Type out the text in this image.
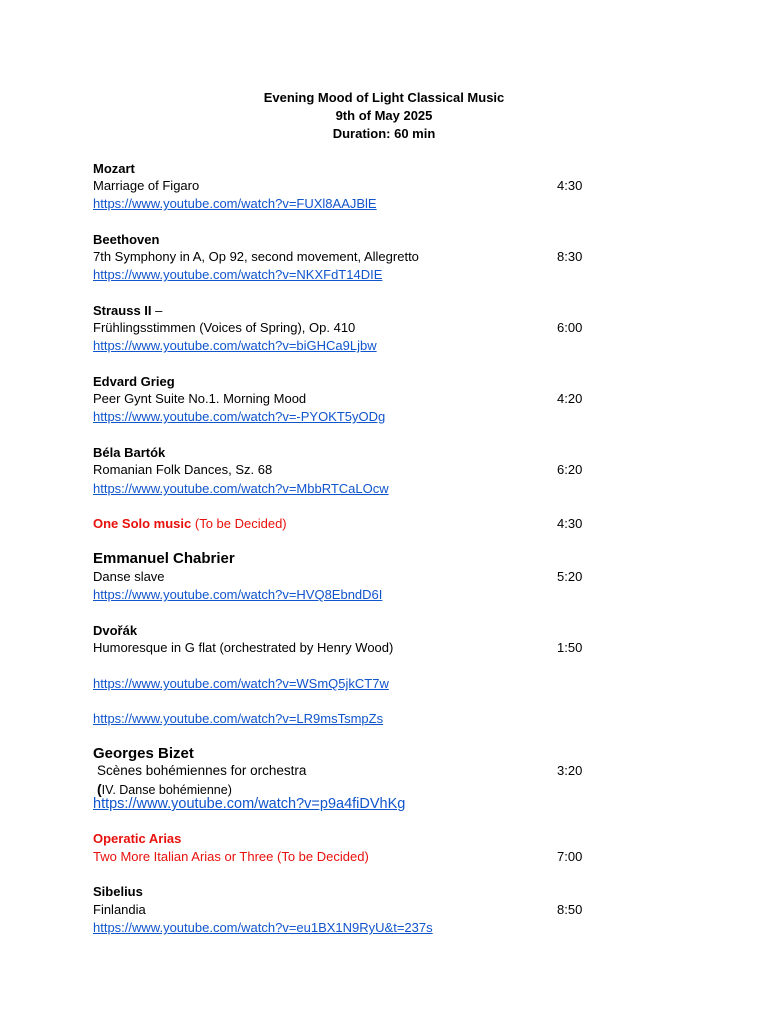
Evening Mood of Light Classical Music
9th of May 2025
Duration: 60 min
Mozart
Marriage of Figaro	4:30
https://www.youtube.com/watch?v=FUXl8AAJBlE
Beethoven
7th Symphony in A, Op 92, second movement, Allegretto	8:30
https://www.youtube.com/watch?v=NKXFdT14DIE
Strauss II –
Frühlingsstimmen (Voices of Spring), Op. 410	6:00
https://www.youtube.com/watch?v=biGHCa9Ljbw
Edvard Grieg
Peer Gynt Suite No.1. Morning Mood	4:20
https://www.youtube.com/watch?v=-PYOKT5yODg
Béla Bartók
Romanian Folk Dances, Sz. 68	6:20
https://www.youtube.com/watch?v=MbbRTCaLOcw
One Solo music (To be Decided)	4:30
Emmanuel Chabrier
Danse slave	5:20
https://www.youtube.com/watch?v=HVQ8EbndD6I
Dvořák
Humoresque in G flat (orchestrated by Henry Wood)	1:50
https://www.youtube.com/watch?v=WSmQ5jkCT7w
https://www.youtube.com/watch?v=LR9msTsmpZs
Georges Bizet
Scènes bohémiennes for orchestra	3:20
(IV. Danse bohémienne)
https://www.youtube.com/watch?v=p9a4fiDVhKg
Operatic Arias
Two More Italian Arias or Three (To be Decided)	7:00
Sibelius
Finlandia	8:50
https://www.youtube.com/watch?v=eu1BX1N9RyU&t=237s
